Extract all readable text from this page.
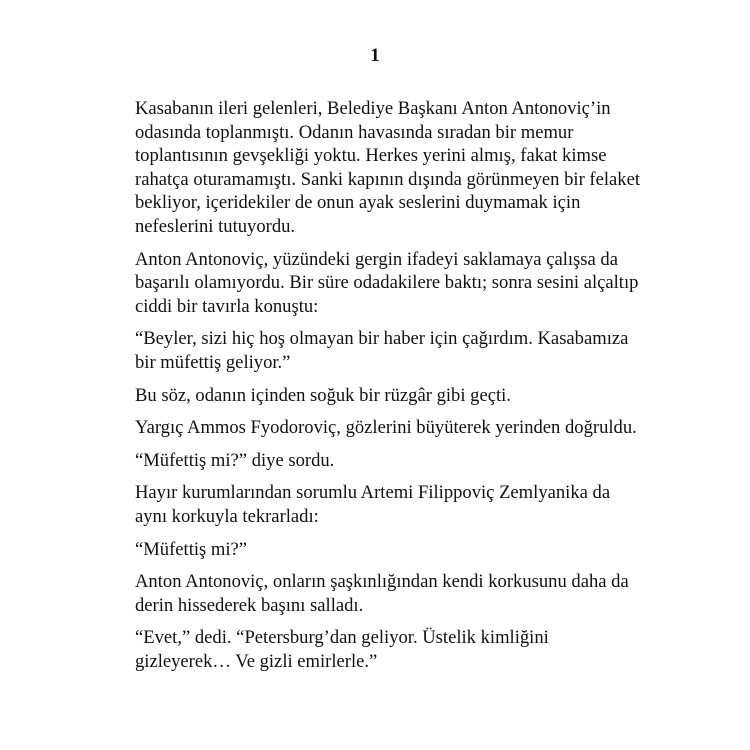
1

Kasabanın ileri gelenleri, Belediye Başkanı Anton Antonoviç’in odasında toplanmıştı. Odanın havasında sıradan bir memur toplantısının gevşekliği yoktu. Herkes yerini almış, fakat kimse rahatça oturamamıştı. Sanki kapının dışında görünmeyen bir felaket bekliyor, içeridekiler de onun ayak seslerini duymamak için nefeslerini tutuyordu.

Anton Antonoviç, yüzündeki gergin ifadeyi saklamaya çalışsa da başarılı olamıyordu. Bir süre odadakilere baktı; sonra sesini alçaltıp ciddi bir tavırla konuştu:

“Beyler, sizi hiç hoş olmayan bir haber için çağırdım. Kasabamıza bir müfettiş geliyor.”

Bu söz, odanın içinden soğuk bir rüzgâr gibi geçti.

Yargıç Ammos Fyodoroviç, gözlerini büyüterek yerinden doğruldu.

“Müfettiş mi?” diye sordu.

Hayır kurumlarından sorumlu Artemi Filippoviç Zemlyanika da aynı korkuyla tekrarladı:

“Müfettiş mi?”

Anton Antonoviç, onların şaşkınlığından kendi korkusunu daha da derin hissederek başını salladı.

“Evet,” dedi. “Petersburg’dan geliyor. Üstelik kimliğini gizleyerek… Ve gizli emirlerle.”
